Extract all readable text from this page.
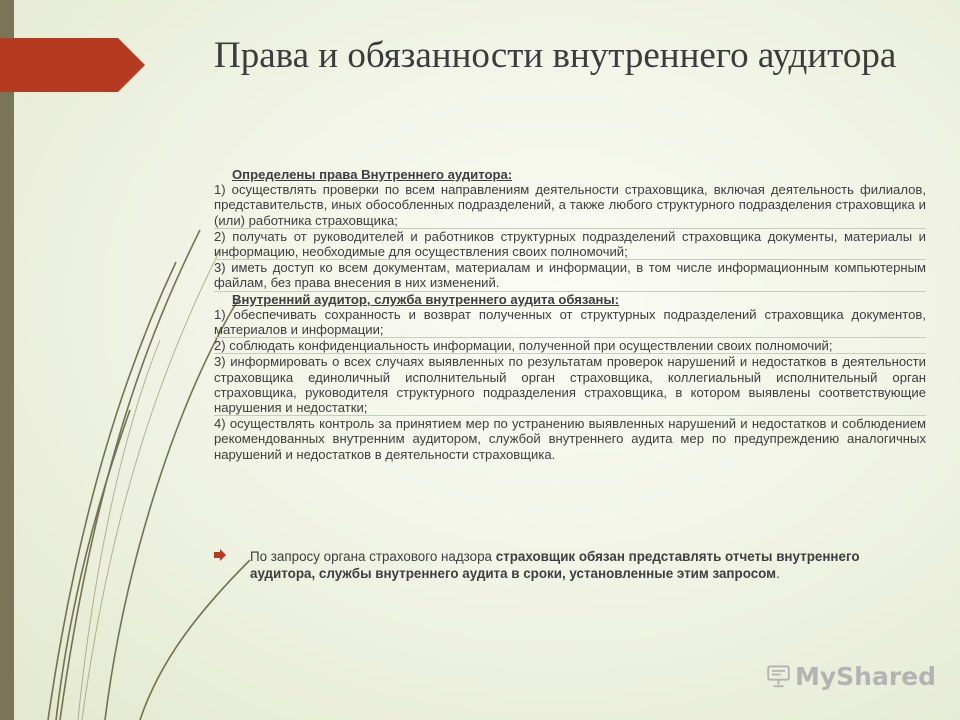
Права и обязанности внутреннего аудитора

Определены права Внутреннего аудитора:

1) осуществлять проверки по всем направлениям деятельности страховщика, включая деятельность филиалов, представительств, иных обособленных подразделений, а также любого структурного подразделения страховщика и (или) работника страховщика;

2) получать от руководителей и работников структурных подразделений страховщика документы, материалы и информацию, необходимые для осуществления своих полномочий;

3) иметь доступ ко всем документам, материалам и информации, в том числе информационным компьютерным файлам, без права внесения в них изменений.

Внутренний аудитор, служба внутреннего аудита обязаны:

1) обеспечивать сохранность и возврат полученных от структурных подразделений страховщика документов, материалов и информации;

2) соблюдать конфиденциальность информации, полученной при осуществлении своих полномочий;

3) информировать о всех случаях выявленных по результатам проверок нарушений и недостатков в деятельности страховщика единоличный исполнительный орган страховщика, коллегиальный исполнительный орган страховщика, руководителя структурного подразделения страховщика, в котором выявлены соответствующие нарушения и недостатки;

4) осуществлять контроль за принятием мер по устранению выявленных нарушений и недостатков и соблюдением рекомендованных внутренним аудитором, службой внутреннего аудита мер по предупреждению аналогичных нарушений и недостатков в деятельности страховщика.

По запросу органа страхового надзора страховщик обязан представлять отчеты внутреннего аудитора, службы внутреннего аудита в сроки, установленные этим запросом.

MyShared
